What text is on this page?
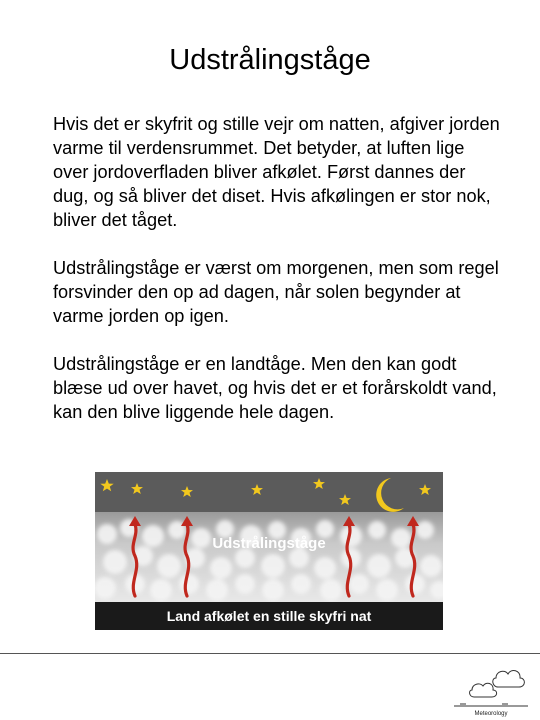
Udstrålingståge

Hvis det er skyfrit og stille vejr om natten, afgiver jorden varme til verdensrummet. Det betyder, at luften lige over jordoverfladen bliver afkølet. Først dannes der dug, og så bliver det diset. Hvis afkølingen er stor nok, bliver det tåget.

Udstrålingståge er værst om morgenen, men som regel forsvinder den op ad dagen, når solen begynder at varme jorden op igen.

Udstrålingståge er en landtåge. Men den kan godt blæse ud over havet, og hvis det er et forårskoldt vand, kan den blive liggende hele dagen.

Udstrålingståge
Land afkølet en stille skyfri nat
Meteorology
